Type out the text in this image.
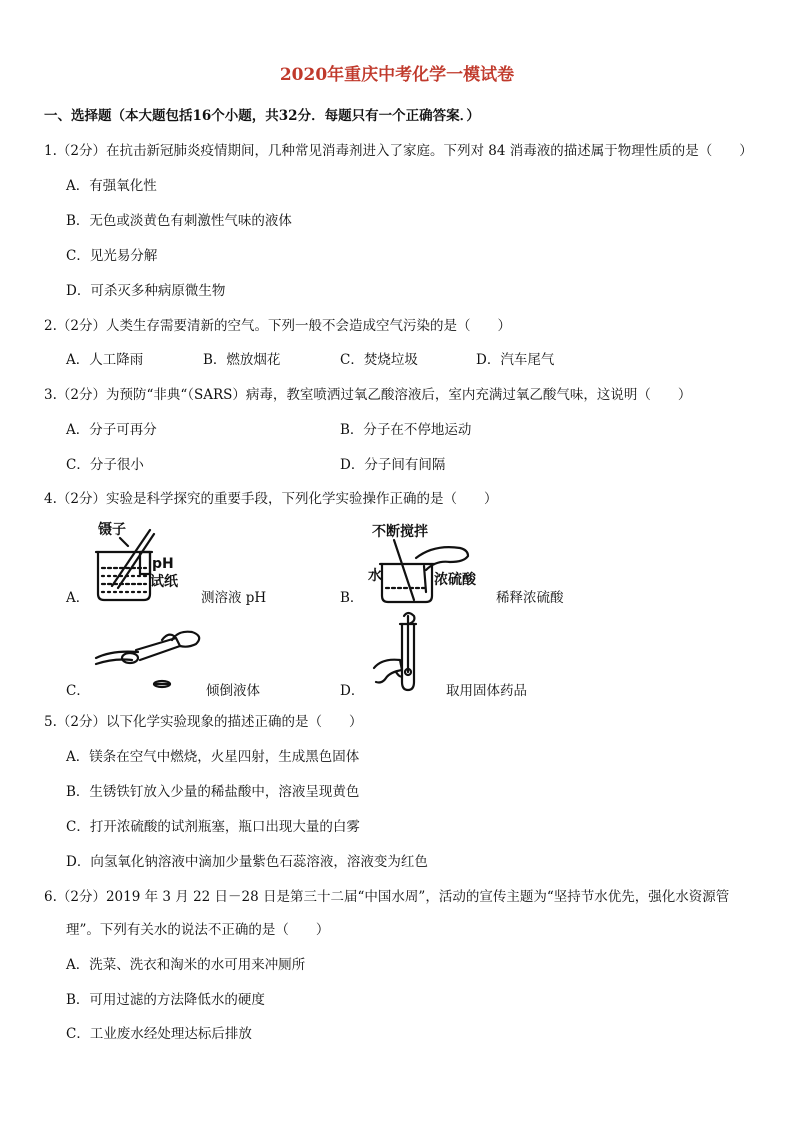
2020年重庆中考化学一模试卷
一、选择题（本大题包括16个小题，共32分．每题只有一个正确答案．）
1.（2分）在抗击新冠肺炎疫情期间，几种常见消毒剂进入了家庭。下列对 84 消毒液的描述属于物理性质的是（　　）
A．有强氧化性
B．无色或淡黄色有刺激性气味的液体
C．见光易分解
D．可杀灭多种病原微生物
2.（2分）人类生存需要清新的空气。下列一般不会造成空气污染的是（　　）
A．人工降雨	B．燃放烟花	C．焚烧垃圾	D．汽车尾气
3.（2分）为预防“非典“（SARS）病毒，教室喷洒过氧乙酸溶液后，室内充满过氧乙酸气味，这说明（　　）
A．分子可再分	B．分子在不停地运动
C．分子很小	D．分子间有间隔
4.（2分）实验是科学探究的重要手段，下列化学实验操作正确的是（　　）
镊子
pH
试纸
A．	测溶液 pH
不断搅拌
水	浓硫酸
B．	稀释浓硫酸
C．	倾倒液体	D．	取用固体药品
5.（2分）以下化学实验现象的描述正确的是（　　）
A．镁条在空气中燃烧，火星四射，生成黑色固体
B．生锈铁钉放入少量的稀盐酸中，溶液呈现黄色
C．打开浓硫酸的试剂瓶塞，瓶口出现大量的白雾
D．向氢氧化钠溶液中滴加少量紫色石蕊溶液，溶液变为红色
6.（2分）2019 年 3 月 22 日－28 日是第三十二届“中国水周”，活动的宣传主题为“坚持节水优先，强化水资源管
理”。下列有关水的说法不正确的是（　　）
A．洗菜、洗衣和淘米的水可用来冲厕所
B．可用过滤的方法降低水的硬度
C．工业废水经处理达标后排放
